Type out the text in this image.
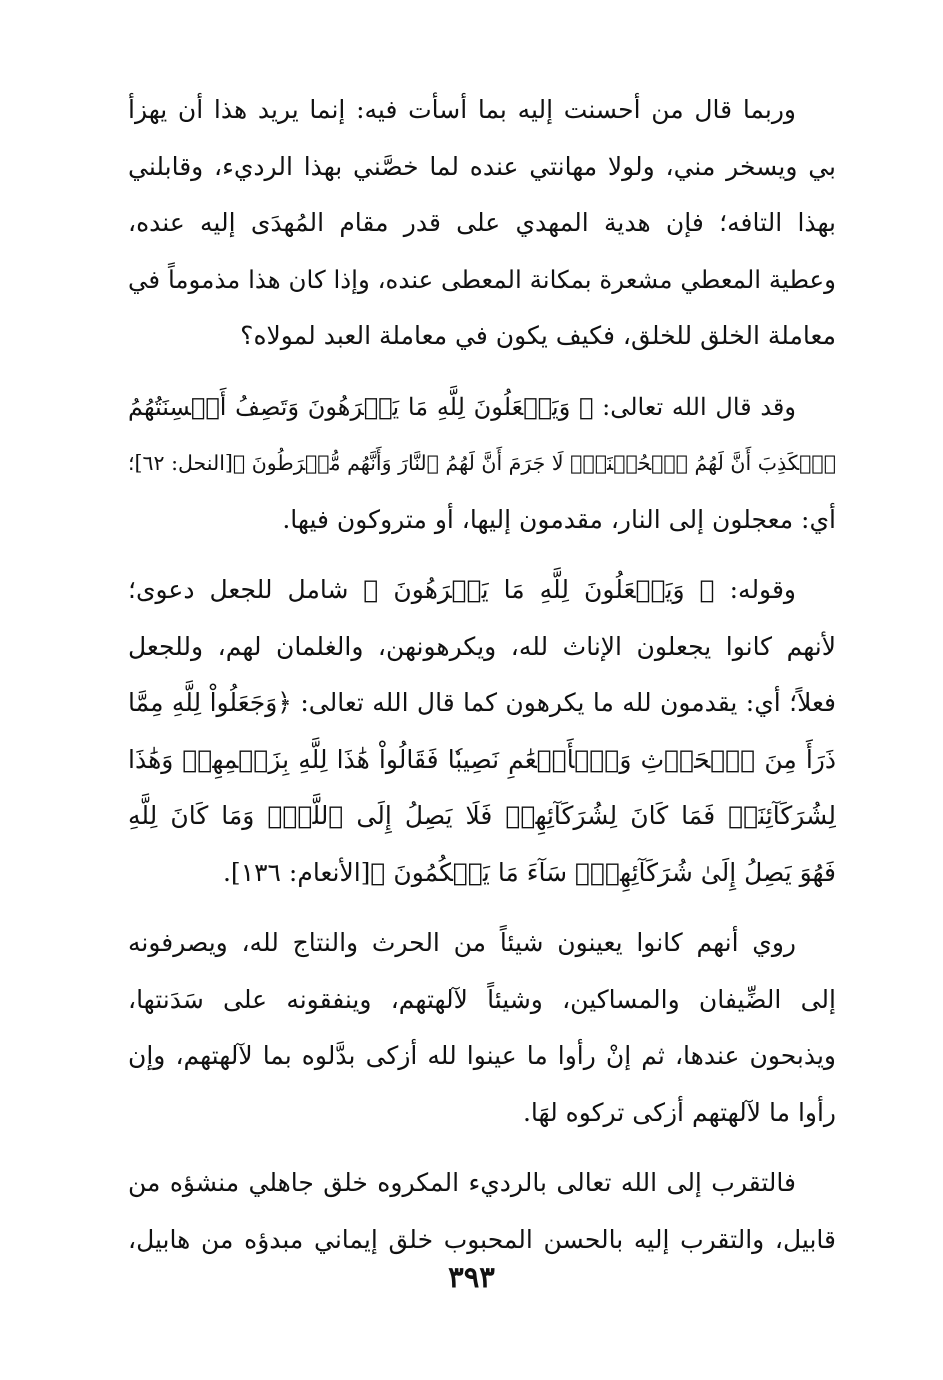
وربما قال من أحسنت إليه بما أسأت فيه: إنما يريد هذا أن يهزأ
بي ويسخر مني، ولولا مهانتي عنده لما خصَّني بهذا الرديء، وقابلني
بهذا التافه؛ فإن هدية المهدي على قدر مقام المُهدَى إليه عنده،
وعطية المعطي مشعرة بمكانة المعطى عنده، وإذا كان هذا مذموماً في
معاملة الخلق للخلق، فكيف يكون في معاملة العبد لمولاه؟
وقد قال الله تعالى: ﴿ وَيَجۡعَلُونَ لِلَّهِ مَا يَكۡرَهُونَ وَتَصِفُ أَلۡسِنَتُهُمُ
ٱلۡكَذِبَ أَنَّ لَهُمُ ٱلۡحُسۡنَىٰۖ لَا جَرَمَ أَنَّ لَهُمُ ٱلنَّارَ وَأَنَّهُم مُّفۡرَطُونَ ﴾[النحل: ٦٢]؛
أي: معجلون إلى النار، مقدمون إليها، أو متروكون فيها.
وقوله: ﴿ وَيَجۡعَلُونَ لِلَّهِ مَا يَكۡرَهُونَ ﴾ شامل للجعل دعوى؛
لأنهم كانوا يجعلون الإناث لله، ويكرهونهن، والغلمان لهم، وللجعل
فعلاً؛ أي: يقدمون لله ما يكرهون كما قال الله تعالى: ﴿وَجَعَلُواْ لِلَّهِ مِمَّا
ذَرَأَ مِنَ ٱلۡحَرۡثِ وَٱلۡأَنۡعَٰمِ نَصِيبٗا فَقَالُواْ هَٰذَا لِلَّهِ بِزَعۡمِهِمۡ وَهَٰذَا
لِشُرَكَآئِنَاۖ فَمَا كَانَ لِشُرَكَآئِهِمۡ فَلَا يَصِلُ إِلَى ٱللَّهِۖ وَمَا كَانَ لِلَّهِ
فَهُوَ يَصِلُ إِلَىٰ شُرَكَآئِهِمۡۗ سَآءَ مَا يَحۡكُمُونَ ﴾[الأنعام: ١٣٦].
روي أنهم كانوا يعينون شيئاً من الحرث والنتاج لله، ويصرفونه
إلى الضِّيفان والمساكين، وشيئاً لآلهتهم، وينفقونه على سَدَنتها،
ويذبحون عندها، ثم إنْ رأوا ما عينوا لله أزكى بدَّلوه بما لآلهتهم، وإن
رأوا ما لآلهتهم أزكى تركوه لهَا.
فالتقرب إلى الله تعالى بالرديء المكروه خلق جاهلي منشؤه من
قابيل، والتقرب إليه بالحسن المحبوب خلق إيماني مبدؤه من هابيل،
٣٩٣
